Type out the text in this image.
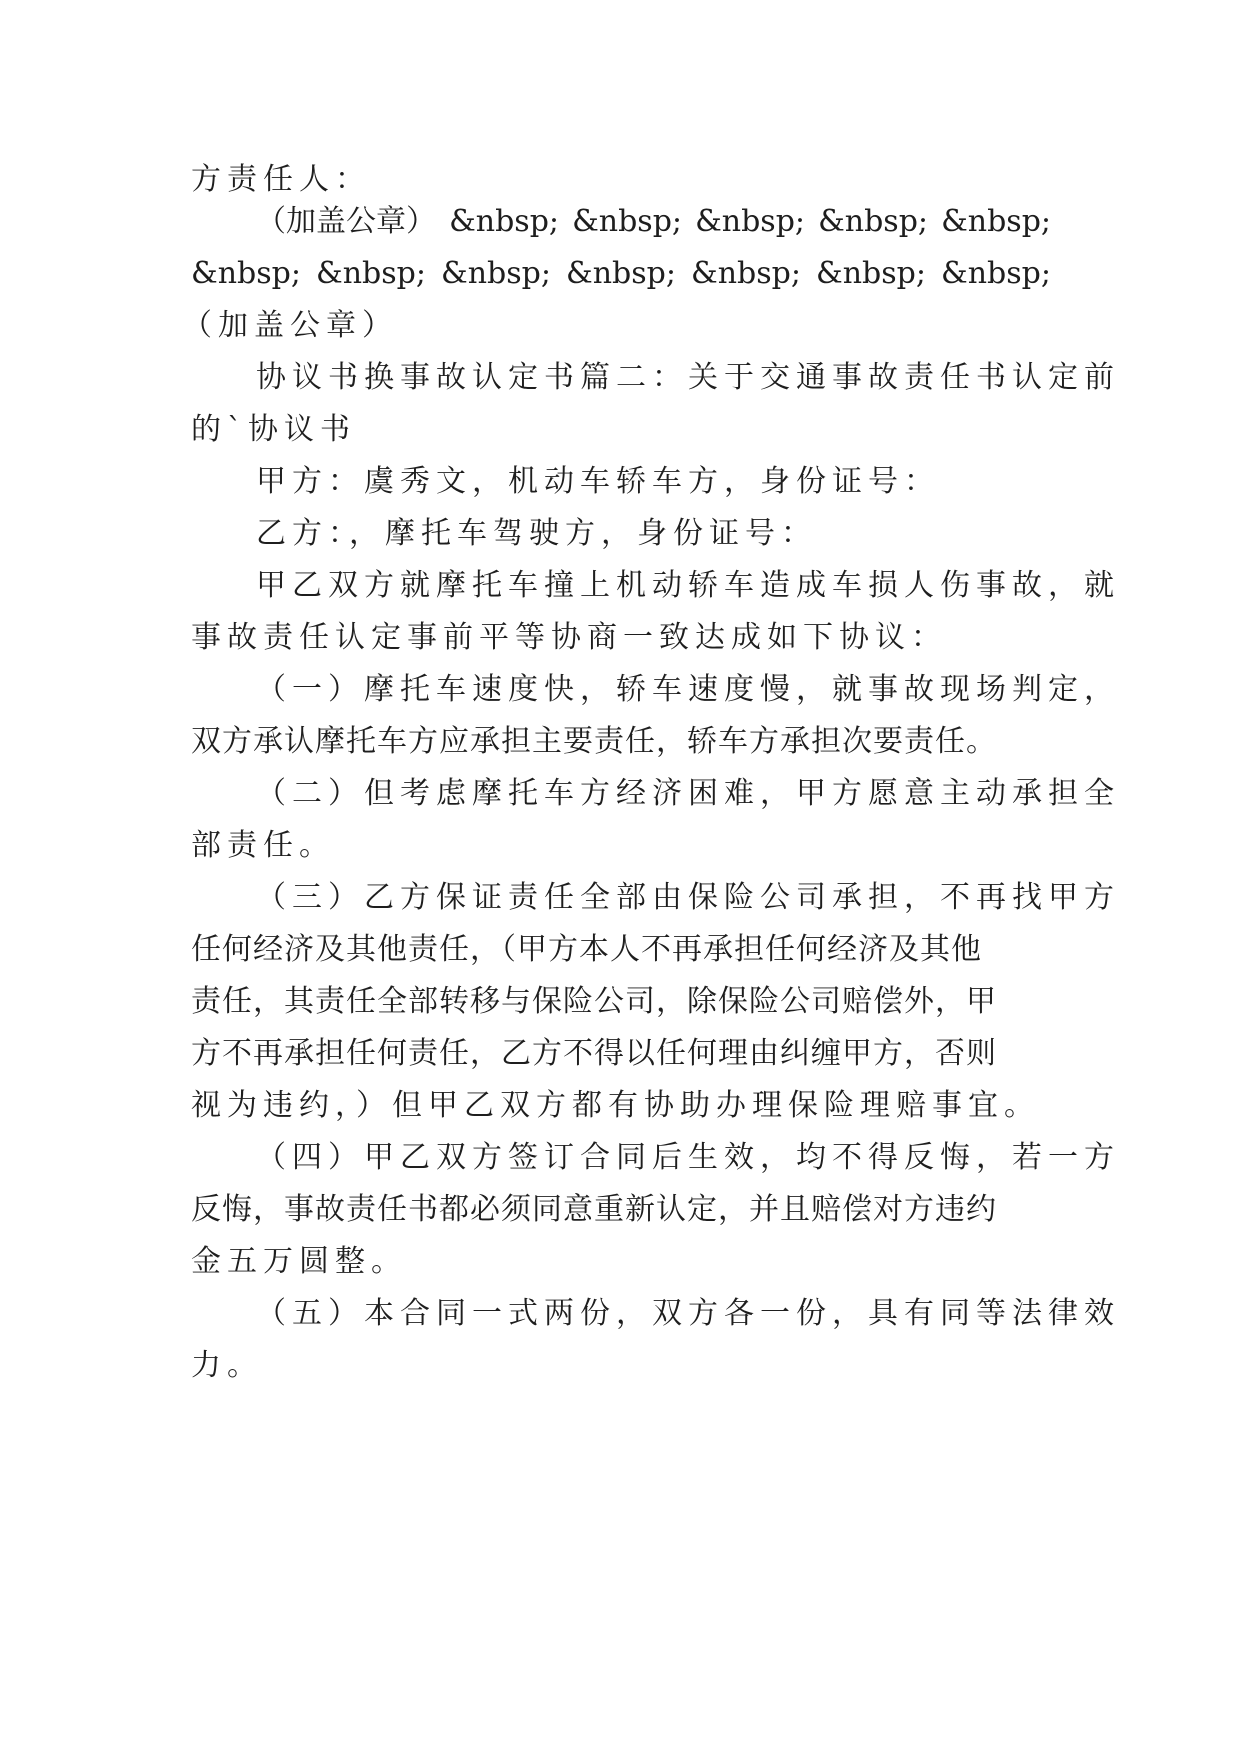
方责任人：

（加盖公章） &nbsp; &nbsp; &nbsp; &nbsp; &nbsp;
&nbsp; &nbsp; &nbsp; &nbsp; &nbsp; &nbsp; &nbsp;

（加盖公章）

协议书换事故认定书篇二：关于交通事故责任书认定前

的`协议书

甲方：虞秀文，机动车轿车方，身份证号：

乙方：，摩托车驾驶方，身份证号：

甲乙双方就摩托车撞上机动轿车造成车损人伤事故，就

事故责任认定事前平等协商一致达成如下协议：

（一）摩托车速度快，轿车速度慢，就事故现场判定，

双方承认摩托车方应承担主要责任，轿车方承担次要责任。

（二）但考虑摩托车方经济困难，甲方愿意主动承担全

部责任。

（三）乙方保证责任全部由保险公司承担，不再找甲方

任何经济及其他责任，（甲方本人不再承担任何经济及其他

责任，其责任全部转移与保险公司，除保险公司赔偿外，甲

方不再承担任何责任，乙方不得以任何理由纠缠甲方，否则

视为违约，）但甲乙双方都有协助办理保险理赔事宜。

（四）甲乙双方签订合同后生效，均不得反悔，若一方

反悔，事故责任书都必须同意重新认定，并且赔偿对方违约

金五万圆整。

（五）本合同一式两份，双方各一份，具有同等法律效

力。
